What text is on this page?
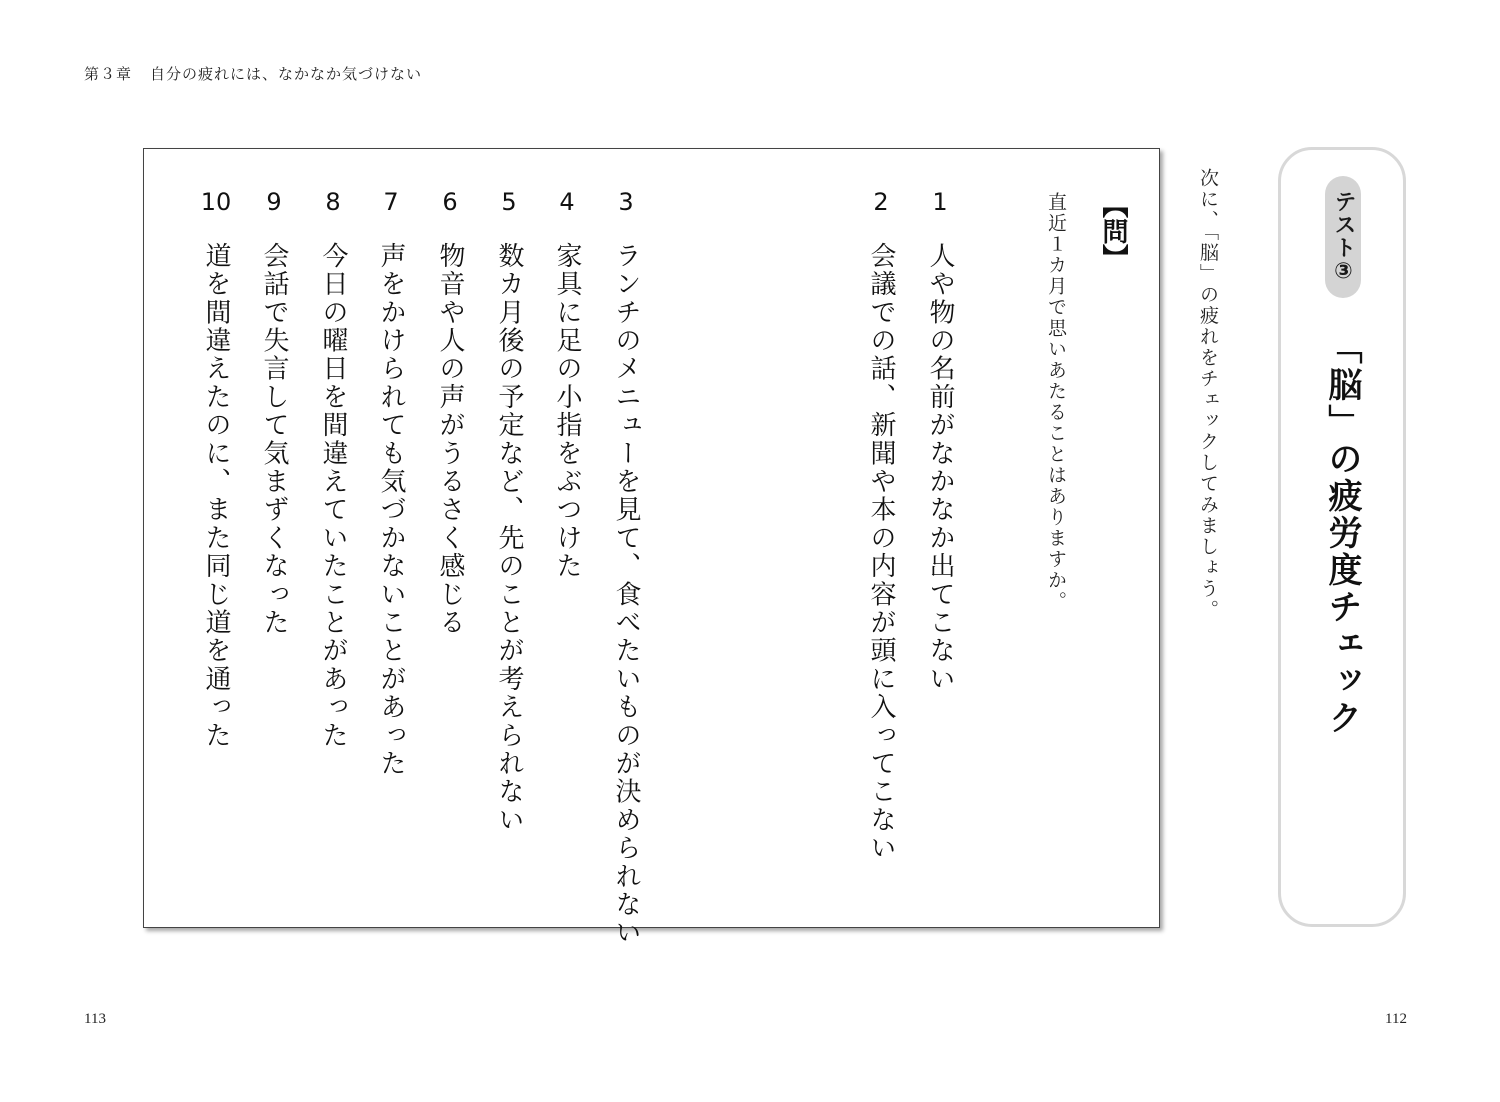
第３章 自分の疲れには、なかなか気づけない
テスト③
「脳」の疲労度チェック
次に、「脳」の疲れをチェックしてみましょう。
【問】
直近１カ月で思いあたることはありますか。
1
人や物の名前がなかなか出てこない
2
会議での話、新聞や本の内容が頭に入ってこない
3
ランチのメニューを見て、食べたいものが決められない
4
家具に足の小指をぶつけた
5
数カ月後の予定など、先のことが考えられない
6
物音や人の声がうるさく感じる
7
声をかけられても気づかないことがあった
8
今日の曜日を間違えていたことがあった
9
会話で失言して気まずくなった
10
道を間違えたのに、また同じ道を通った
113	112
